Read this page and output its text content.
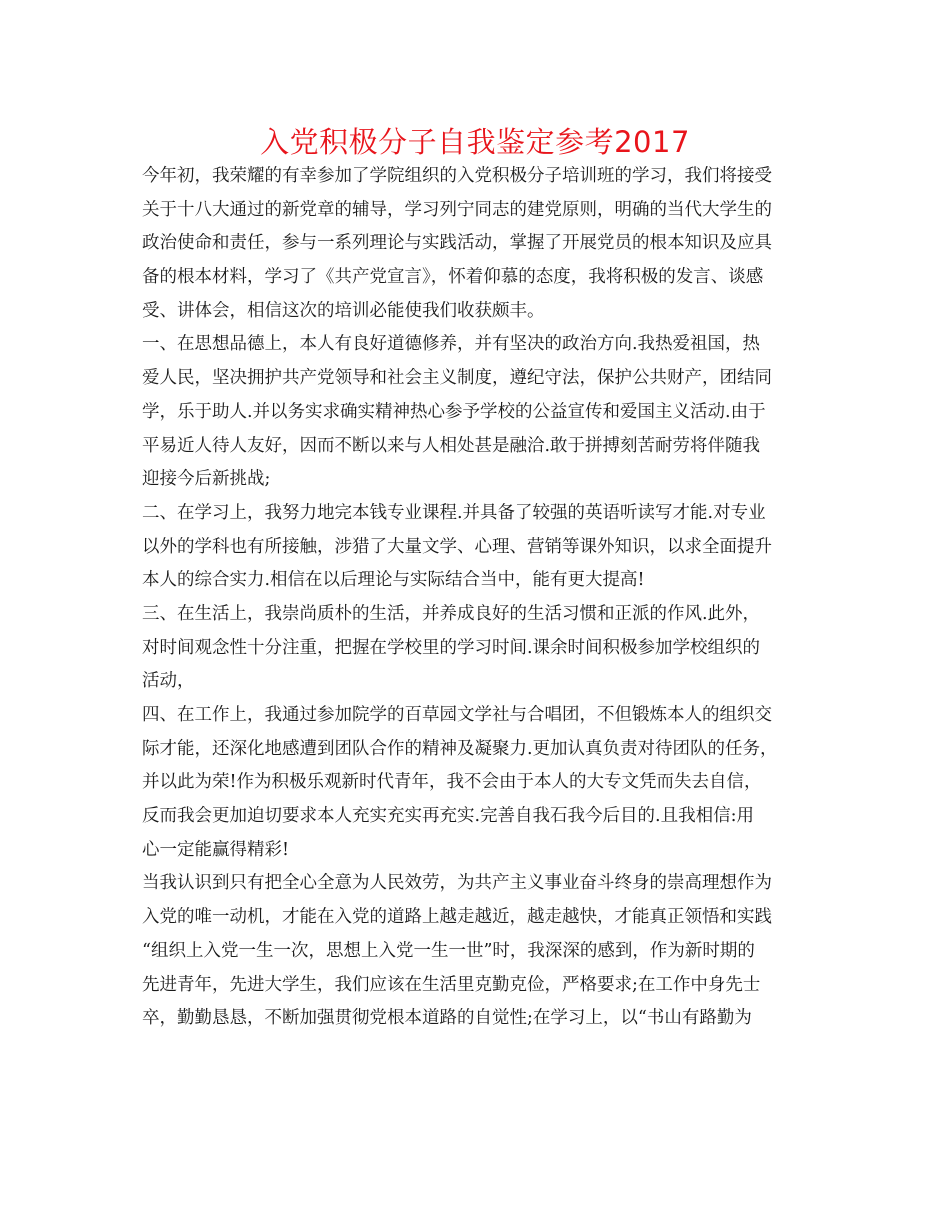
入党积极分子自我鉴定参考2017
今年初，我荣耀的有幸参加了学院组织的入党积极分子培训班的学习，我们将接受
关于十八大通过的新党章的辅导，学习列宁同志的建党原则，明确的当代大学生的
政治使命和责任，参与一系列理论与实践活动，掌握了开展党员的根本知识及应具
备的根本材料，学习了《共产党宣言》，怀着仰慕的态度，我将积极的发言、谈感
受、讲体会，相信这次的培训必能使我们收获颇丰。
一、在思想品德上，本人有良好道德修养，并有坚决的政治方向.我热爱祖国，热
爱人民，坚决拥护共产党领导和社会主义制度，遵纪守法，保护公共财产，团结同
学，乐于助人.并以务实求确实精神热心参予学校的公益宣传和爱国主义活动.由于
平易近人待人友好，因而不断以来与人相处甚是融洽.敢于拼搏刻苦耐劳将伴随我
迎接今后新挑战;
二、在学习上，我努力地完本钱专业课程.并具备了较强的英语听读写才能.对专业
以外的学科也有所接触，涉猎了大量文学、心理、营销等课外知识，以求全面提升
本人的综合实力.相信在以后理论与实际结合当中，能有更大提高!
三、在生活上，我崇尚质朴的生活，并养成良好的生活习惯和正派的作风.此外，
对时间观念性十分注重，把握在学校里的学习时间.课余时间积极参加学校组织的
活动，
四、在工作上，我通过参加院学的百草园文学社与合唱团，不但锻炼本人的组织交
际才能，还深化地感遭到团队合作的精神及凝聚力.更加认真负责对待团队的任务，
并以此为荣!作为积极乐观新时代青年，我不会由于本人的大专文凭而失去自信，
反而我会更加迫切要求本人充实充实再充实.完善自我石我今后目的.且我相信:用
心一定能赢得精彩!
当我认识到只有把全心全意为人民效劳，为共产主义事业奋斗终身的崇高理想作为
入党的唯一动机，才能在入党的道路上越走越近，越走越快，才能真正领悟和实践
“组织上入党一生一次，思想上入党一生一世”时，我深深的感到，作为新时期的
先进青年，先进大学生，我们应该在生活里克勤克俭，严格要求;在工作中身先士
卒，勤勤恳恳，不断加强贯彻党根本道路的自觉性;在学习上，以“书山有路勤为
